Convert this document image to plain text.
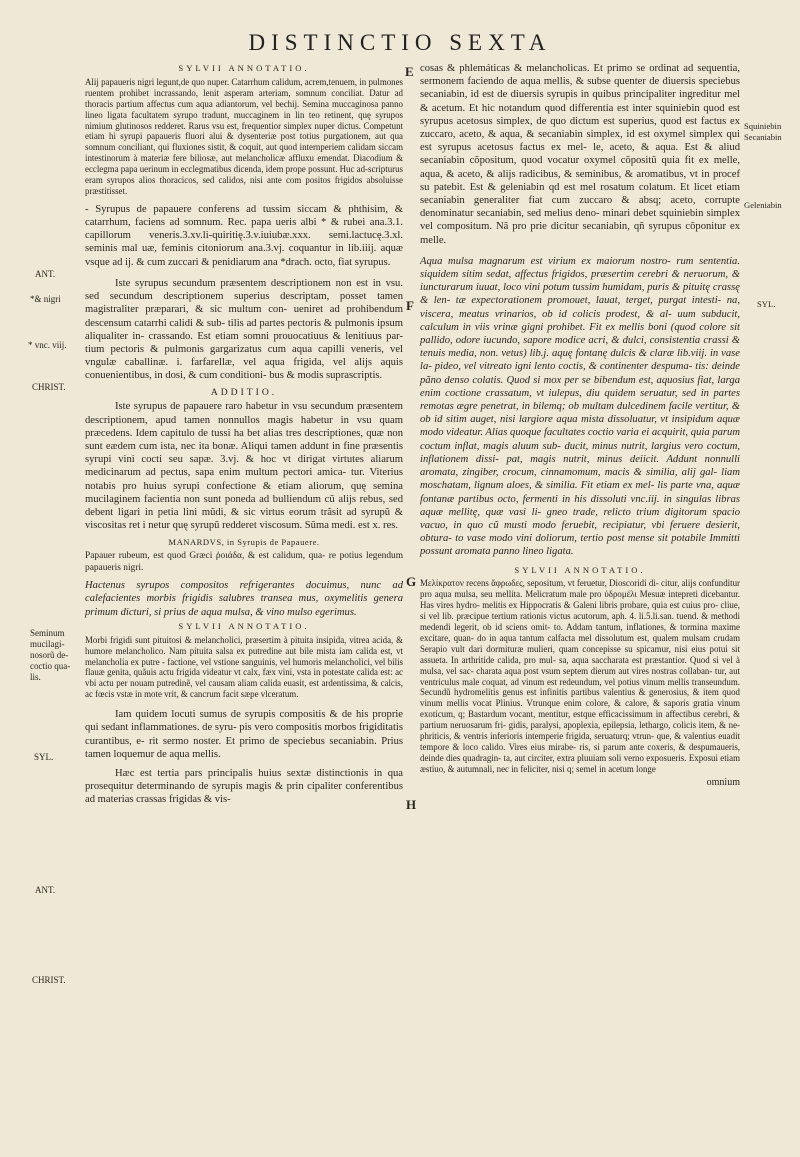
DISTINCTIO SEXTA
E
F
G
H
ANT.
*& nigri
* vnc. viij.
CHRIST.
Seminum
mucilagi-
nosorũ de-
coctio qua-
lis.
SYL.
ANT.
CHRIST.
Squiniebin
Secaniabin
Geleniabin
SYL.
SYLVII ANNOTATIO.

Alij papaueris nigri legunt,de quo nuper. Catarrhum calidum, acrem,tenuem, in pulmones ruentem prohibet incrassando, lenit asperam arteriam, somnum conciliat. Datur ad thoracis partium affectus cum aqua adiantorum, vel bechij. Semina muccaginosa panno lineo ligata facultatem syrupo tradunt, muccaginem in lin teo retinent, quę syrupos nimium glutinosos redderet. Rarus vsu est, frequentior simplex nuper dictus. Competunt etiam hi syrupi papaueris fluori alui & dysenteriæ post totius purgationem, aut qua somnum conciliant, qui fluxiones sistit, & coquit, aut quod internperiem calidam siccam intestinorum à materiæ fere biliosæ, aut melancholicæ affluxu emendat. Diacodium & ecclegma papa uerinum in ecclegmatibus dicenda, idem prope possunt. Huc ad-scripturus eram syrupos alios thoracicos, sed calidos, nisi ante com positos frigidos absoluisse præstitisset.

- Syrupus de papauere conferens ad tussim siccam & phthisim, & catarrhum, faciens ad somnum. Rec. papa ueris albi * & rubei ana.3.1. capillorum veneris.3.xv.li-quiritię.3.v.iuiubæ.xxx. semi.lactucę.3.xl. seminis mal uæ, feminis citoniorum ana.3.vj. coquantur in lib.iiij. aquæ vsque ad ij. & cum zuccari & penidiarum ana *drach. octo, fiat syrupus.

Iste syrupus secundum præsentem descriptionem non est in vsu. sed secundum descriptionem superius descriptam, posset tamen magistraliter præparari, & sic multum con- ueniret ad prohibendum descensum catarrhi calidi & sub- tilis ad partes pectoris & pulmonis ipsum aliqualiter in- crassando. Est etiam somni prouocatiuus & lenitiuus par- tium pectoris & pulmonis gargarizatus cum aqua capilli veneris, vel vngulæ caballinæ. i. farfarellæ, vel aqua frigida, vel alijs aquis conuenientibus, in dosi, & cum conditioni- bus & modis suprascriptis.

ADDITIO.

Iste syrupus de papauere raro habetur in vsu secundum præsentem descriptionem, apud tamen nonnullos magis habetur in vsu quam præcedens. Idem capitulo de tussi ha bet alias tres descriptiones, quæ non sunt eædem cum ista, nec ita bonæ. Aliqui tamen addunt in fine præsentis syrupi vini cocti seu sapæ. 3.vj. & hoc vt dirigat virtutes aliarum medicinarum ad pectus, sapa enim multum pectori amica- tur. Viterius notabis pro huius syrupi confectione & etiam aliorum, quę semina mucilaginem facientia non sunt poneda ad bulliendum cũ alijs rebus, sed debent ligari in petia lini mũdi, & sic virtus eorum trãsit ad syrupũ & viscositas ret i netur quę syrupũ redderet viscosum. Sũma medi. est x. res.

MANARDVS, in Syrupis de Papauere.

Papauer rubeum, est quod Græci ῥοιάδα, & est calidum, qua- re potius legendum papaueris nigri.

Hactenus syrupos compositos refrigerantes docuimus, nunc ad calefacientes morbis frigidis salubres transea mus, oxymelitis genera primum dicturi, si prius de aqua mulsa, & vino mulso egerimus.

SYLVII ANNOTATIO.

Morbi frigidi sunt pituitosi & melancholici, præsertim à pituita insipida, vitrea acida, & humore melancholico. Nam pituita salsa ex putredine aut bile mista iam calida est, vt melancholia ex putre - factione, vel vstione sanguinis, vel humoris melancholici, vel bilis flauæ genita, quãuis actu frigida videatur vt calx, fæx vini, vsta in potestate calida est: ac vbi actu per nouam putredinẽ, vel causam aliam calida euasit, est ardentissima, & calcis, ac fœcis vstæ in mote vrit, & cancrum facit sæpe vlceratum.

Iam quidem locuti sumus de syrupis compositis & de his proprie qui sedant inflammationes. de syru- pis vero compositis morbos frigiditatis curantibus, e- rit sermo noster. Et primo de speciebus secaniabin. Prius tamen loquemur de aqua mellis.

Hæc est tertia pars principalis huius sextæ distinctionis in qua prosequitur determinando de syrupis magis & prin cipaliter conferentibus ad materias crassas frigidas & vis-

cosas & phlemáticas & melancholicas. Et primo se ordinat ad sequentia, sermonem faciendo de aqua mellis, & subse quenter de diuersis speciebus secaniabin, id est de diuersis syrupis in quibus principaliter ingreditur mel & acetum. Et hic notandum quod differentia est inter squiniebin quod est syrupus acetosus simplex, de quo dictum est superius, quod est factus ex zuccaro, aceto, & aqua, & secaniabin simplex, id est oxymel simplex qui est syrupus acetosus factus ex mel- le, aceto, & aqua. Est & aliud secaniabin cõpositum, quod vocatur oxymel cõpositũ quia fit ex melle, aqua, & aceto, & alijs radicibus, & seminibus, & aromatibus, vt in procef su patebit. Est & geleniabin qd est mel rosatum colatum. Et licet etiam secaniabin generaliter fiat cum zuccaro & absq; aceto, corrupte denominatur secaniabin, sed melius deno- minari debet squiniebin simplex vel compositum. Nã pro prie dicitur secaniabin, qñ syrupus cõponitur ex melle.

Aqua mulsa magnarum est virium ex maiorum nostro- rum sententia. siquidem sitim sedat, affectus frigidos, præsertim cerebri & neruorum, & iuncturarum iuuat, loco vini potum tussim humidam, puris & pituitę crassę & len- tæ expectorationem promouet, lauat, terget, purgat intesti- na, viscera, meatus vrinarios, ob id colicis prodest, & al- uum subducit, calculum in viis vrinæ gigni prohibet. Fit ex mellis boni (quod colore sit pallido, odore iucundo, sapore modice acri, & dulci, consistentia crassi & tenuis media, non. vetus) lib.j. aquę fontanę dulcis & claræ lib.viij. in vase la- pideo, vel vitreato igni lento coctis, & continenter despuma- tis: deinde pãno denso colatis. Quod si mox per se bibendum est, aquosius fiat, larga enim coctione crassatum, vt iulepus, diu quidem seruatur, sed in partes remotas ægre penetrat, in bilemq; ob multam dulcedinem facile vertitur, & ob id sitim auget, nisi largiore aqua mista dissoluatur, vt insipidum aquæ modo videatur. Alias quoque facultates coctio varia ei acquirit, quia parum coctum inflat, magis aluum sub- ducit, minus nutrit, largius vero coctum, inflationem dissi- pat, magis nutrit, minus deiicit. Addunt nonnulli aromata, zingiber, crocum, cinnamomum, macis & similia, alij gal- liam moschatam, lignum aloes, & similia. Fit etiam ex mel- lis parte vna, aquæ fontanæ partibus octo, fermenti in his dissoluti vnc.iij. in singulas libras aquæ mellitę, quæ vasi li- gneo trade, relicto trium digitorum spacio vacuo, in quo cũ musti modo feruebit, recipiatur, vbi feruere desierit, obtura- to vase modo vini doliorum, tertio post mense sit potabile Immitti possunt aromata panno lineo ligata.

SYLVII ANNOTATIO.

Μελίκρατον recens ἄφρωδες, sepositum, vt feruetur, Dioscoridi di- citur, alijs confunditur pro aqua mulsa, seu mellita. Melicratum male pro ὑδρομέλι Mesuæ intepreti dicebantur. Has vires hydro- melitis ex Hippocratis & Galeni libris probare, quia est cuius pro- cliue, si vel lib. præcipue tertium rationis victus acutorum, aph. 4. li.5.li.san. tuend. & methodi medendi legerit, ob id sciens omit- to. Addam tantum, inflationes, & tormina maxime excitare, quan- do in aqua tantum calfacta mel dissolutum est, qualem mulsam crudam Serapio vult dari dormituræ mulieri, quam concepisse su spicamur, nisi eius potui sit assueta. In arthritide calida, pro mul- sa, aqua saccharata est præstantior. Quod si vel à mulsa, vel sac- charata aqua post vsum septem dierum aut vires nostras collaban- tur, aut ventriculus male coquat, ad vinum est redeundum, vel potius vinum mellis transeundum. Secundũ hydromelitis genus est infinitis partibus valentius & generosius, & item quod vinum mellis vocat Plinius. Vtrunque enim colore, & calore, & saporis gratia vinum exoticum, q; Bastardum vocant, mentitur, estque efficacissimum in affectibus cerebri, & partium neruosarum fri- gidis, paralysi, apoplexia, epilepsia, lethargo, colicis item, & ne- phriticis, & ventris inferioris intemperie frigida, seruaturq; vtrun- que, & valentius euadit tempore & loco calido. Vires eius mirabe- ris, si parum ante coxeris, & despumaueris, deinde dies quadragin- ta, aut circiter, extra pluuiam soli verno exposueris. Exposui etiam æstiuo, & autumnali, nec in feliciter, nisi q; semel in acetum longe

omnium
